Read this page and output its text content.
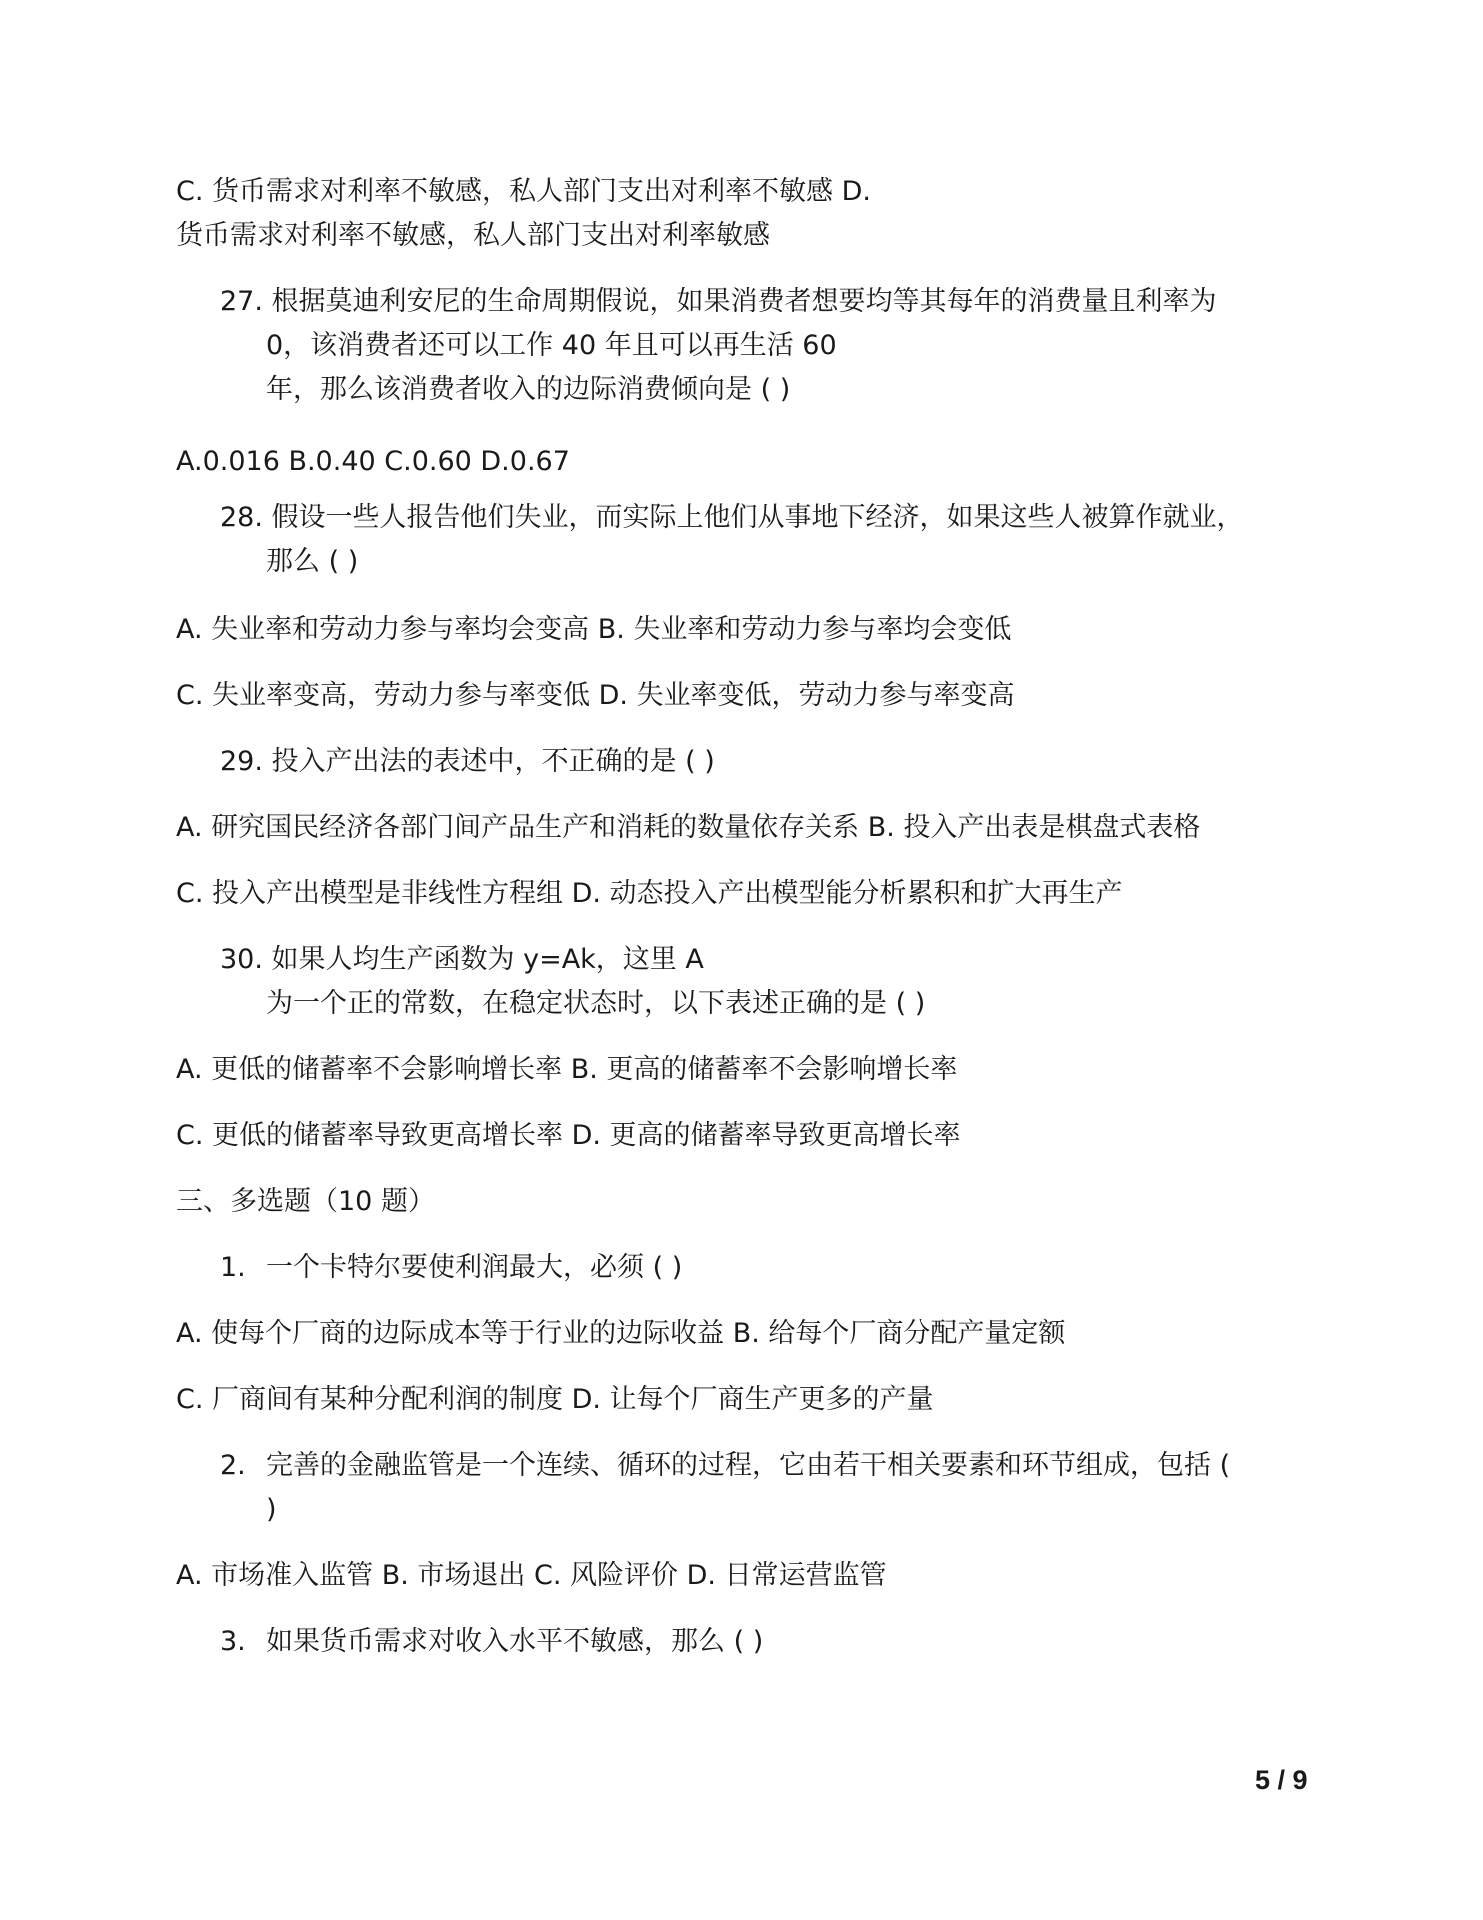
C. 货币需求对利率不敏感，私人部门支出对利率不敏感 D.
货币需求对利率不敏感，私人部门支出对利率敏感
27. 根据莫迪利安尼的生命周期假说，如果消费者想要均等其每年的消费量且利率为
0，该消费者还可以工作 40 年且可以再生活 60
年，那么该消费者收入的边际消费倾向是 ( )
A.0.016 B.0.40 C.0.60 D.0.67
28. 假设一些人报告他们失业，而实际上他们从事地下经济，如果这些人被算作就业，
那么 ( )
A. 失业率和劳动力参与率均会变高 B. 失业率和劳动力参与率均会变低
C. 失业率变高，劳动力参与率变低 D. 失业率变低，劳动力参与率变高
29. 投入产出法的表述中，不正确的是 ( )
A. 研究国民经济各部门间产品生产和消耗的数量依存关系 B. 投入产出表是棋盘式表格
C. 投入产出模型是非线性方程组 D. 动态投入产出模型能分析累积和扩大再生产
30. 如果人均生产函数为 y=Ak，这里 A
为一个正的常数，在稳定状态时，以下表述正确的是 ( )
A. 更低的储蓄率不会影响增长率 B. 更高的储蓄率不会影响增长率
C. 更低的储蓄率导致更高增长率 D. 更高的储蓄率导致更高增长率
三、多选题（10 题）
1. 一个卡特尔要使利润最大，必须 ( )
A. 使每个厂商的边际成本等于行业的边际收益 B. 给每个厂商分配产量定额
C. 厂商间有某种分配利润的制度 D. 让每个厂商生产更多的产量
2. 完善的金融监管是一个连续、循环的过程，它由若干相关要素和环节组成，包括 (
)
A. 市场准入监管 B. 市场退出 C. 风险评价 D. 日常运营监管
3. 如果货币需求对收入水平不敏感，那么 ( )
5 / 9
